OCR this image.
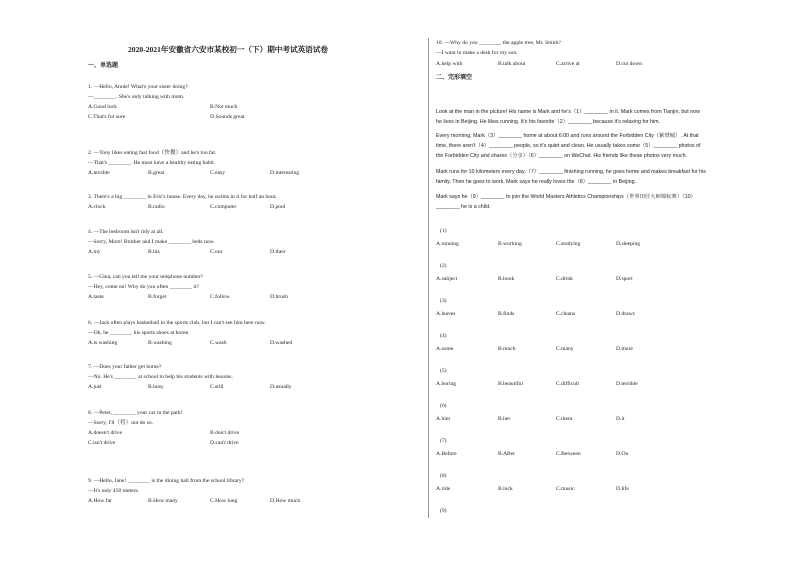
2020-2021年安徽省六安市某校初一（下）期中考试英语试卷
一、单选题
1. —Hello, Annie! What's your sister doing?
—________. She's only talking with mom.
A.Good luck	B.Not much
C.That's for sure	D.Sounds great
2. —Tony likes eating fast food（快餐）and he's too fat.
—That's ________. He must have a healthy eating habit.
A.terrible	B.great	C.easy	D.interesting
3. There's a big ________ in Eric's house. Every day, he swims in it for half an hour.
A.clock	B.radio	C.computer	D.pool
4. —The bedroom isn't tidy at all.
—Sorry, Mom! Brother and I make ________ beds now.
A.my	B.his	C.our	D.their
5. —Gina, can you tell me your telephone number?
—Hey, come on! Why do you often ________ it?
A.taste	B.forget	C.follow	D.brush
6. —Jack often plays basketball in the sports club, but I can't see him here now.
—Oh, he ________ his sports shoes at home.
A.is washing	B.washing	C.wash	D.washed
7. —Does your father get home?
—No. He's ________ at school to help his students with lessons.
A.just	B.busy	C.still	D.usually
8. —Peter, ________ your car in the park!
—Sorry, I'll（将）not do so.
A.doesn't drive	B.don't drive
C.isn't drive	D.can't drive
9. —Hello, Jane! ________ is the dining hall from the school library?
—It's only 450 meters.
A.How far	B.How many	C.How long	D.How much
10. —Why do you ________ the apple tree, Mr. Smith?
—I want to make a desk for my son.
A.help with	B.talk about	C.arrive at	D.cut down
二、完形填空
Look at the man in the picture! His name is Mark and he's（1）________ in it. Mark comes from Tianjin, but now
he lives in Beijing. He likes running. It's his favorite（2）________ because it's relaxing for him.
Every morning, Mark（3）________ home at about 6:00 and runs around the Forbidden City（紫禁城）. At that
time, there aren't（4）________ people, so it's quiet and clean. He usually takes some（5）________ photos of
the Forbidden City and shares（分享）（6）________ on WeChat. His friends like these photos very much.
Mark runs for 10 kilometers every day.（7）________ finishing running, he goes home and makes breakfast for his
family. Then he goes to work. Mark says he really loves the（8）________ in Beijing.
Mark says he（9）________ to join the World Masters Athletics Championships（世界田径大师锦标赛）（10）
________ he is a child.
(1)
A.running	B.working	C.studying	D.sleeping
(2)
A.subject	B.book	C.drink	D.sport
(3)
A.leaves	B.finds	C.cleans	D.draws
(4)
A.some	B.much	C.many	D.more
(5)
A.boring	B.beautiful	C.difficult	D.terrible
(6)
A.him	B.her	C.them	D.it
(7)
A.Before	B.After	C.Between	D.On
(8)
A.ride	B.luck	C.music	D.life
(9)
